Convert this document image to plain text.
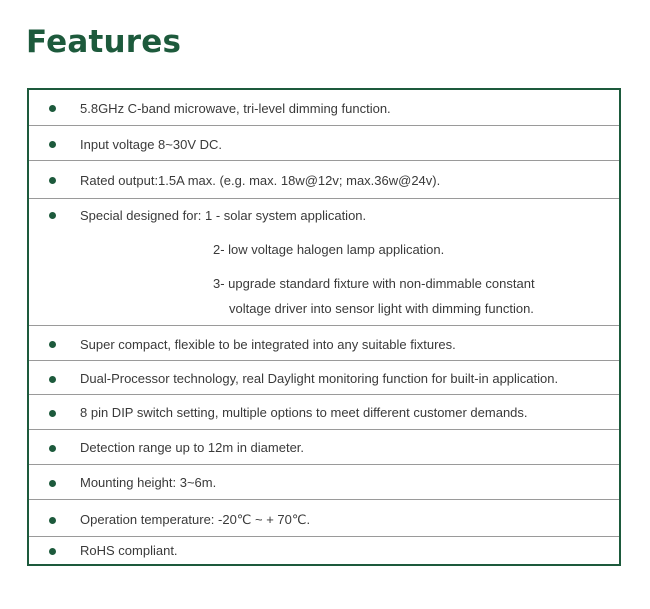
Features
5.8GHz C-band microwave, tri-level dimming function.
Input voltage 8~30V DC.
Rated output:1.5A max. (e.g. max. 18w@12v; max.36w@24v).
Special designed for: 1 - solar system application.
2- low voltage halogen lamp application.
3- upgrade standard fixture with non-dimmable constant
voltage driver into sensor light with dimming function.
Super compact, flexible to be integrated into any suitable fixtures.
Dual-Processor technology, real Daylight monitoring function for built-in application.
8 pin DIP switch setting, multiple options to meet different customer demands.
Detection range up to 12m in diameter.
Mounting height: 3~6m.
Operation temperature: -20℃ ~ + 70℃.
RoHS compliant.
